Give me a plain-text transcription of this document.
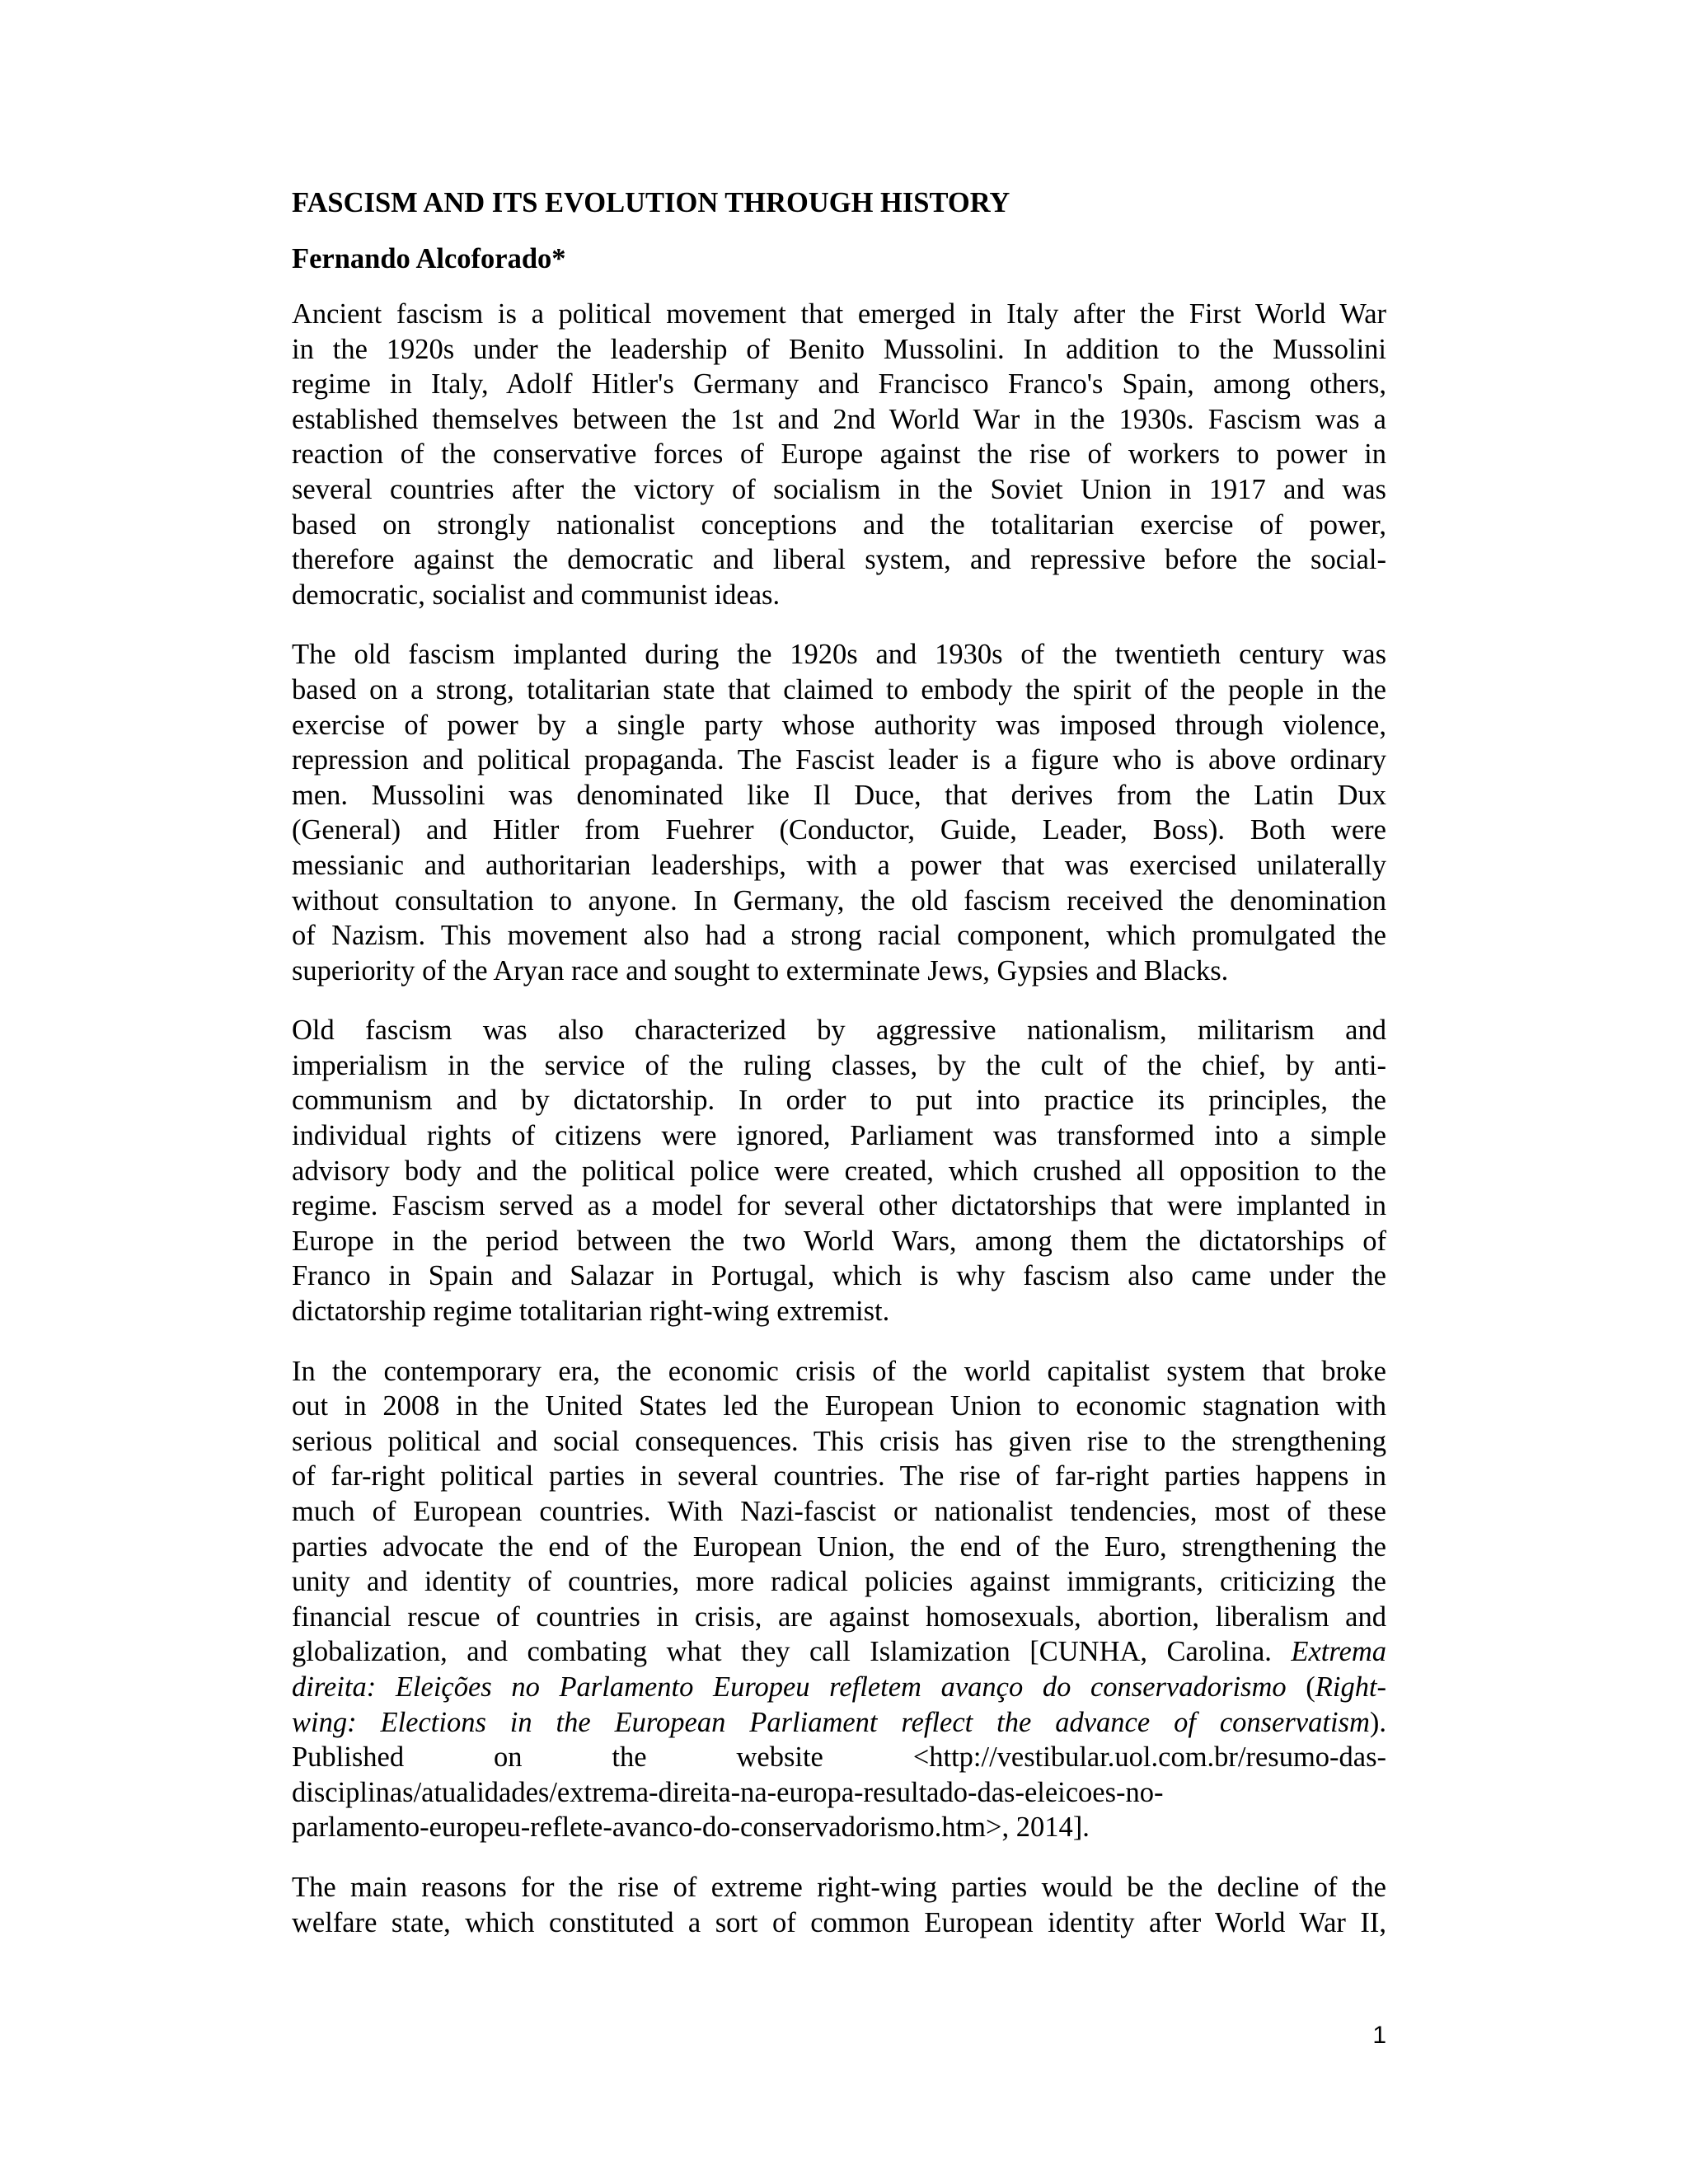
FASCISM AND ITS EVOLUTION THROUGH HISTORY
Fernando Alcoforado*
Ancient fascism is a political movement that emerged in Italy after the First World War
in the 1920s under the leadership of Benito Mussolini. In addition to the Mussolini
regime in Italy, Adolf Hitler's Germany and Francisco Franco's Spain, among others,
established themselves between the 1st and 2nd World War in the 1930s. Fascism was a
reaction of the conservative forces of Europe against the rise of workers to power in
several countries after the victory of socialism in the Soviet Union in 1917 and was
based on strongly nationalist conceptions and the totalitarian exercise of power,
therefore against the democratic and liberal system, and repressive before the social-
democratic, socialist and communist ideas.
The old fascism implanted during the 1920s and 1930s of the twentieth century was
based on a strong, totalitarian state that claimed to embody the spirit of the people in the
exercise of power by a single party whose authority was imposed through violence,
repression and political propaganda. The Fascist leader is a figure who is above ordinary
men. Mussolini was denominated like Il Duce, that derives from the Latin Dux
(General) and Hitler from Fuehrer (Conductor, Guide, Leader, Boss). Both were
messianic and authoritarian leaderships, with a power that was exercised unilaterally
without consultation to anyone. In Germany, the old fascism received the denomination
of Nazism. This movement also had a strong racial component, which promulgated the
superiority of the Aryan race and sought to exterminate Jews, Gypsies and Blacks.
Old fascism was also characterized by aggressive nationalism, militarism and
imperialism in the service of the ruling classes, by the cult of the chief, by anti-
communism and by dictatorship. In order to put into practice its principles, the
individual rights of citizens were ignored, Parliament was transformed into a simple
advisory body and the political police were created, which crushed all opposition to the
regime. Fascism served as a model for several other dictatorships that were implanted in
Europe in the period between the two World Wars, among them the dictatorships of
Franco in Spain and Salazar in Portugal, which is why fascism also came under the
dictatorship regime totalitarian right-wing extremist.
In the contemporary era, the economic crisis of the world capitalist system that broke
out in 2008 in the United States led the European Union to economic stagnation with
serious political and social consequences. This crisis has given rise to the strengthening
of far-right political parties in several countries. The rise of far-right parties happens in
much of European countries. With Nazi-fascist or nationalist tendencies, most of these
parties advocate the end of the European Union, the end of the Euro, strengthening the
unity and identity of countries, more radical policies against immigrants, criticizing the
financial rescue of countries in crisis, are against homosexuals, abortion, liberalism and
globalization, and combating what they call Islamization [CUNHA, Carolina. Extrema
direita: Eleições no Parlamento Europeu refletem avanço do conservadorismo (Right-
wing: Elections in the European Parliament reflect the advance of conservatism).
Published	on	the	website	<http://vestibular.uol.com.br/resumo-das-
disciplinas/atualidades/extrema-direita-na-europa-resultado-das-eleicoes-no-
parlamento-europeu-reflete-avanco-do-conservadorismo.htm>, 2014].
The main reasons for the rise of extreme right-wing parties would be the decline of the
welfare state, which constituted a sort of common European identity after World War II,
1
